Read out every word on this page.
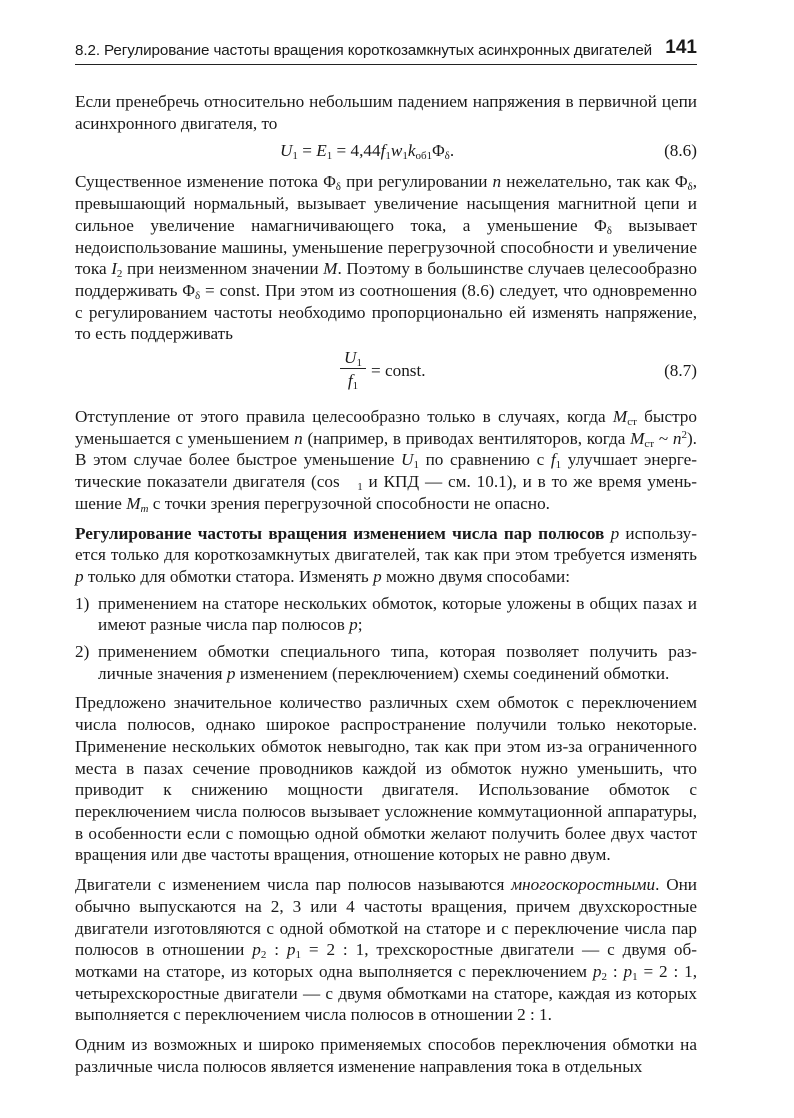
8.2. Регулирование частоты вращения короткозамкнутых асинхронных двигателей 141

Если пренебречь относительно небольшим падением напряжения в первичной цепи асинхронного двигателя, то

$U_1 = E_1 = 4,44f_1w_1k_{об1}\Phi_\delta$.	(8.6)

Существенное изменение потока $\Phi_\delta$ при регулировании n нежелательно, так как $\Phi_\delta$, превышающий нормальный, вызывает увеличение насыщения магнитной цепи и сильное увеличение намагничивающего тока, а уменьшение $\Phi_\delta$ вызывает недоиспользование машины, уменьшение перегрузочной способности и увеличение тока $I_2$ при неизменном значении M. Поэтому в большинстве случаев целесообразно поддерживать $\Phi_\delta$ = const. При этом из соотношения (8.6) следует, что одновременно с регулированием частоты необходимо пропорционально ей изменять напряжение, то есть поддерживать

$\frac{U_1}{f_1}$ = const.	(8.7)

Отступление от этого правила целесообразно только в случаях, когда $M_{ст}$ быстро уменьшается с уменьшением n (например, в приводах вентиляторов, когда $M_{ст}$ ~ $n^2$). В этом случае более быстрое уменьшение $U_1$ по сравнению с $f_1$ улучшает энергетические показатели двигателя (cos   $_1$ и КПД — см. 10.1), и в то же время уменьшение $M_m$ с точки зрения перегрузочной способности не опасно.

Регулирование частоты вращения изменением числа пар полюсов p используется только для короткозамкнутых двигателей, так как при этом требуется изменять p только для обмотки статора. Изменять p можно двумя способами:

1) применением на статоре нескольких обмоток, которые уложены в общих пазах и имеют разные числа пар полюсов p;
2) применением обмотки специального типа, которая позволяет получить различные значения p изменением (переключением) схемы соединений обмотки.

Предложено значительное количество различных схем обмоток с переключением числа полюсов, однако широкое распространение получили только некоторые. Применение нескольких обмоток невыгодно, так как при этом из-за ограниченного места в пазах сечение проводников каждой из обмоток нужно уменьшить, что приводит к снижению мощности двигателя. Использование обмоток с переключением числа полюсов вызывает усложнение коммутационной аппаратуры, в особенности если с помощью одной обмотки желают получить более двух частот вращения или две частоты вращения, отношение которых не равно двум.

Двигатели с изменением числа пар полюсов называются многоскоростными. Они обычно выпускаются на 2, 3 или 4 частоты вращения, причем двухскоростные двигатели изготовляются с одной обмоткой на статоре и с переключение числа пар полюсов в отношении $p_2$ : $p_1 = 2$ : 1, трехскоростные двигатели — с двумя обмотками на статоре, из которых одна выполняется с переключением $p_2$ : $p_1 = 2$ : 1, четырехскоростные двигатели — с двумя обмотками на статоре, каждая из которых выполняется с переключением числа полюсов в отношении 2 : 1.

Одним из возможных и широко применяемых способов переключения обмотки на различные числа полюсов является изменение направления тока в отдельных
